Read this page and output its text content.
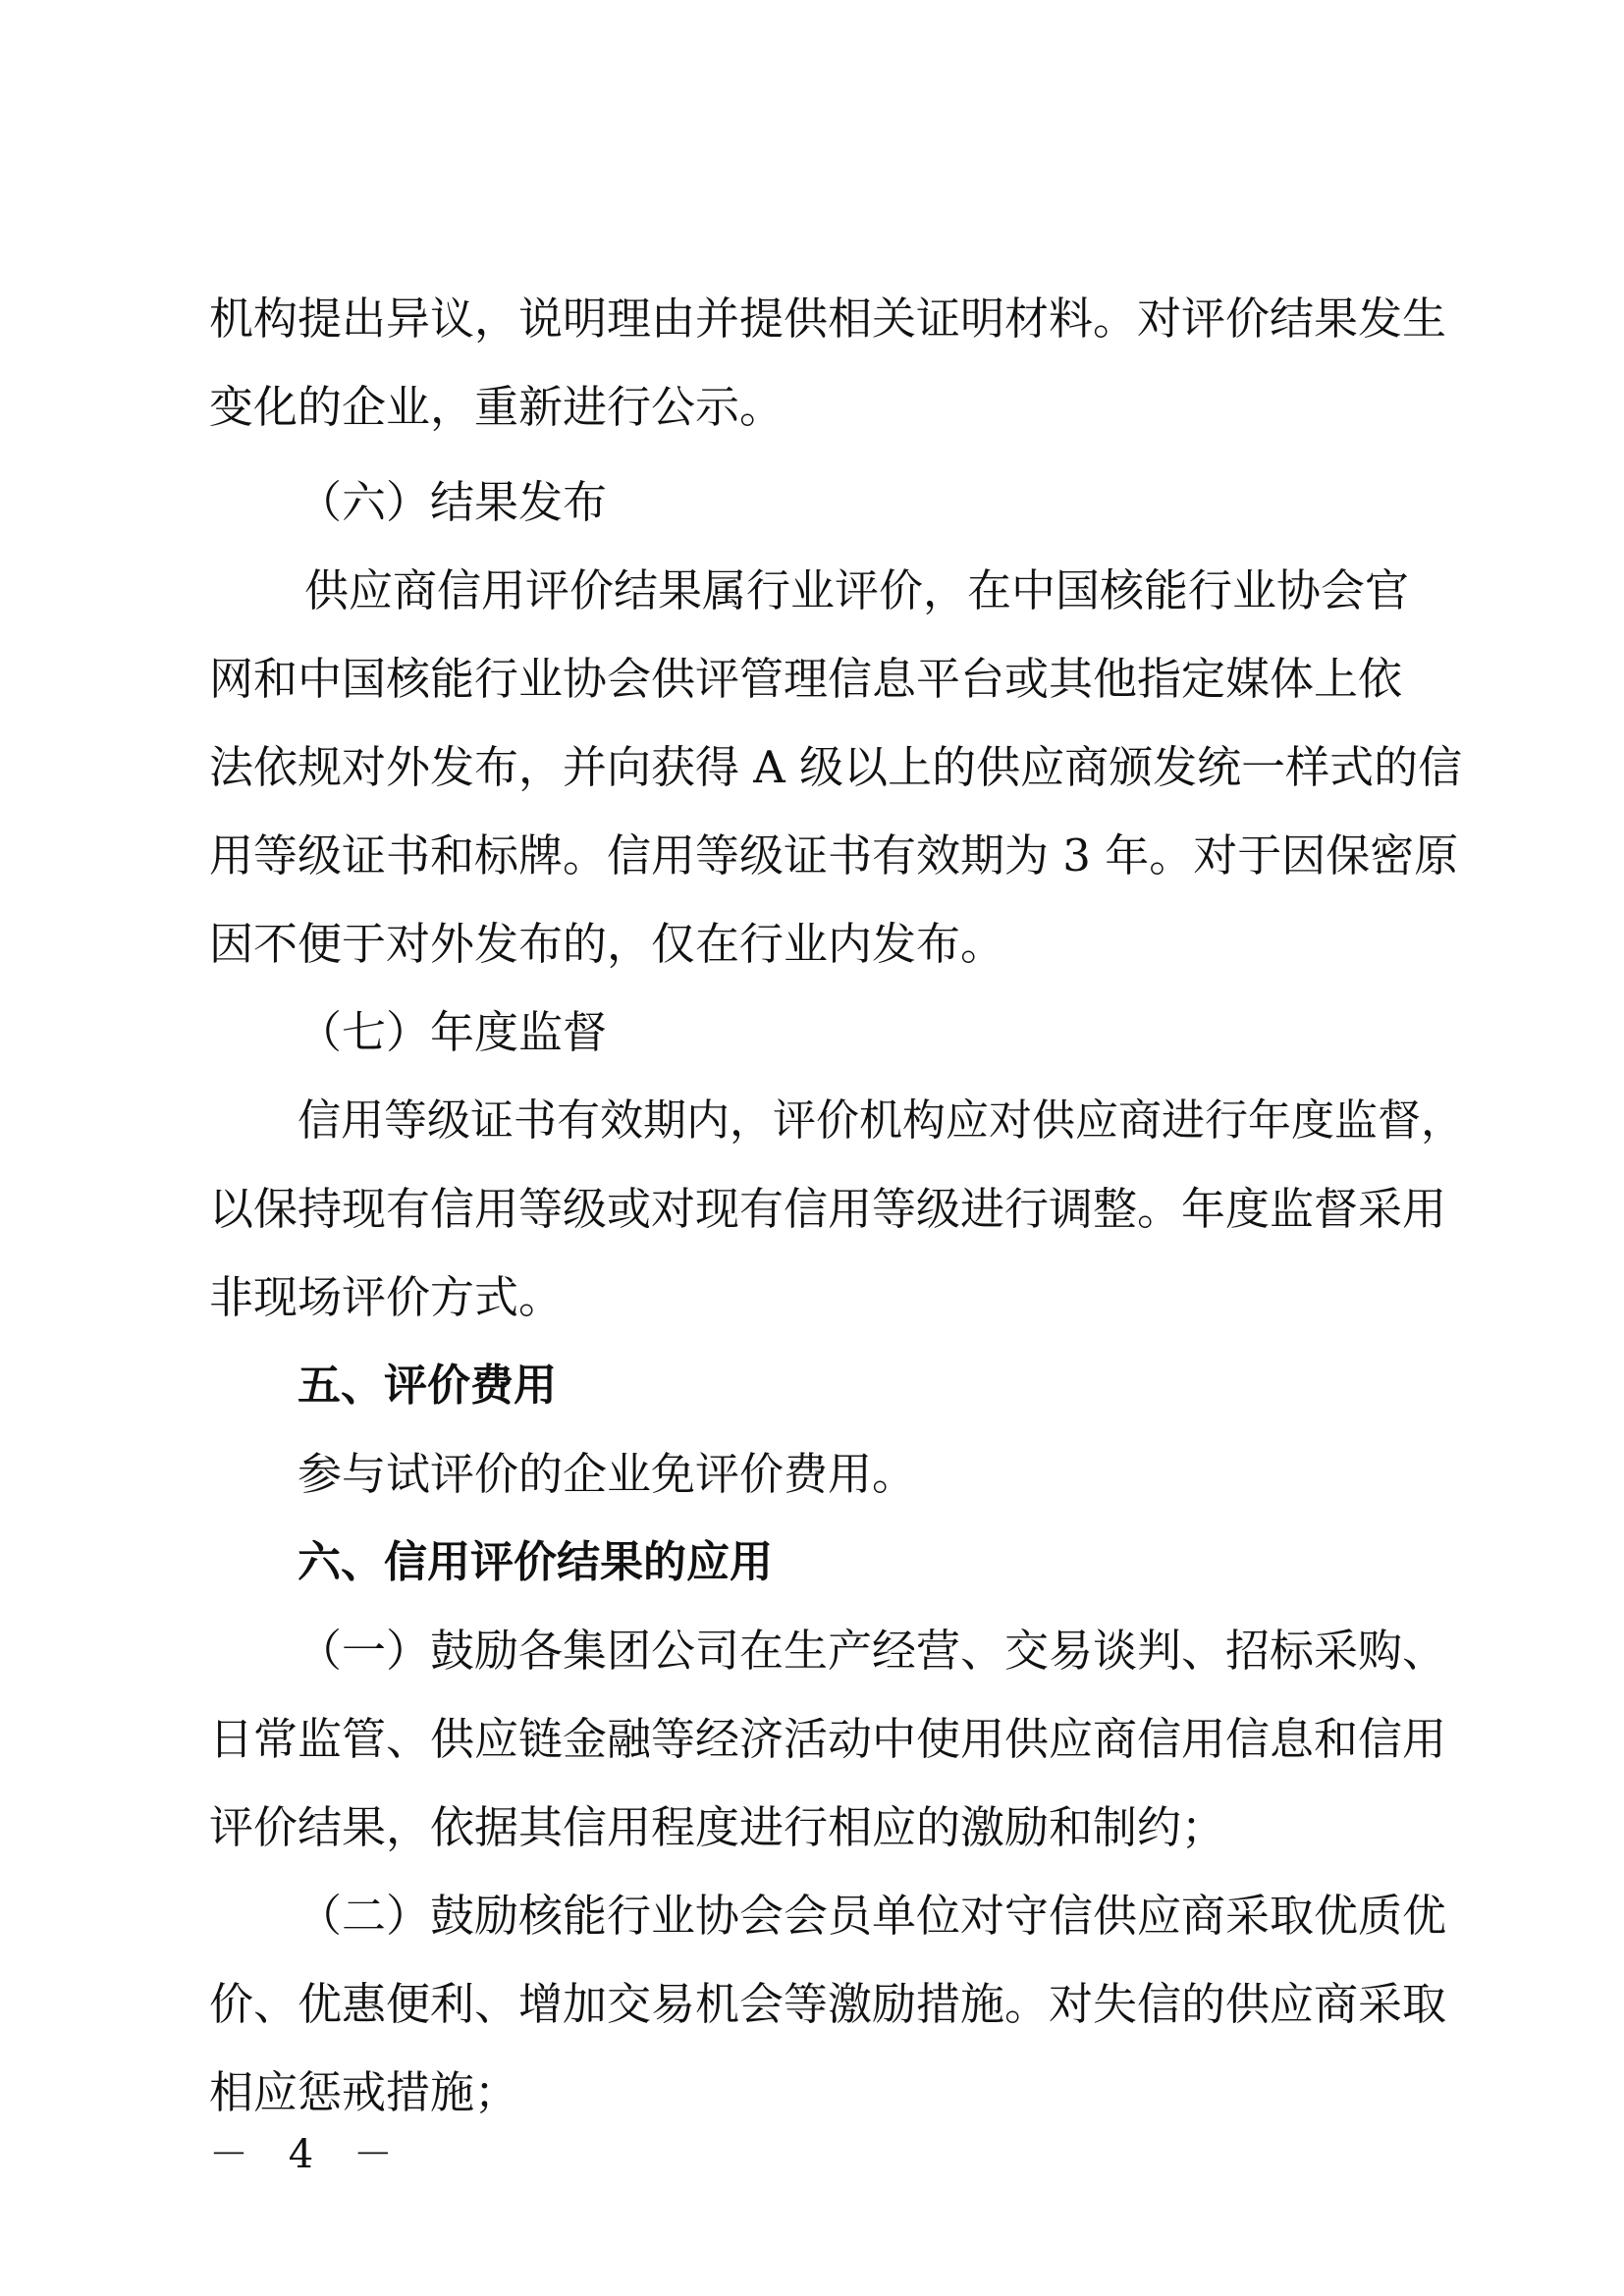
机构提出异议，说明理由并提供相关证明材料。对评价结果发生
变化的企业，重新进行公示。
（六）结果发布
供应商信用评价结果属行业评价，在中国核能行业协会官
网和中国核能行业协会供评管理信息平台或其他指定媒体上依
法依规对外发布，并向获得 A 级以上的供应商颁发统一样式的信
用等级证书和标牌。信用等级证书有效期为 3 年。对于因保密原
因不便于对外发布的，仅在行业内发布。
（七）年度监督
信用等级证书有效期内，评价机构应对供应商进行年度监督，
以保持现有信用等级或对现有信用等级进行调整。年度监督采用
非现场评价方式。
五、评价费用
参与试评价的企业免评价费用。
六、信用评价结果的应用
（一）鼓励各集团公司在生产经营、交易谈判、招标采购、
日常监管、供应链金融等经济活动中使用供应商信用信息和信用
评价结果，依据其信用程度进行相应的激励和制约；
（二）鼓励核能行业协会会员单位对守信供应商采取优质优
价、优惠便利、增加交易机会等激励措施。对失信的供应商采取
相应惩戒措施；
－ 4 －
